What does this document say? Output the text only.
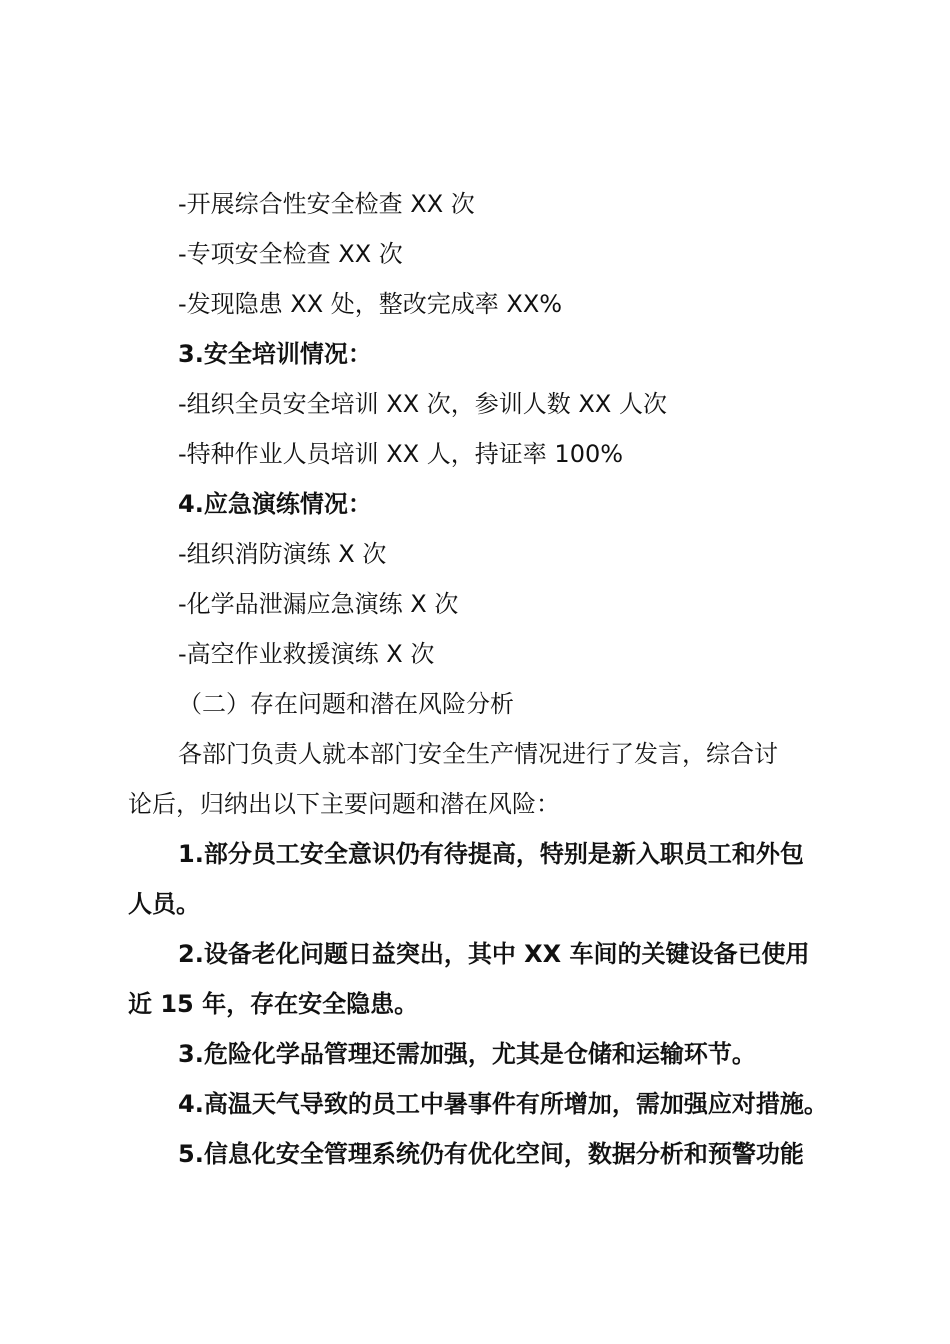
-开展综合性安全检查 XX 次
-专项安全检查 XX 次
-发现隐患 XX 处，整改完成率 XX%
3.安全培训情况：
-组织全员安全培训 XX 次，参训人数 XX 人次
-特种作业人员培训 XX 人，持证率 100%
4.应急演练情况：
-组织消防演练 X 次
-化学品泄漏应急演练 X 次
-高空作业救援演练 X 次
（二）存在问题和潜在风险分析
各部门负责人就本部门安全生产情况进行了发言，综合讨
论后，归纳出以下主要问题和潜在风险：
1.部分员工安全意识仍有待提高，特别是新入职员工和外包
人员。
2.设备老化问题日益突出，其中 XX 车间的关键设备已使用
近 15 年，存在安全隐患。
3.危险化学品管理还需加强，尤其是仓储和运输环节。
4.高温天气导致的员工中暑事件有所增加，需加强应对措施。
5.信息化安全管理系统仍有优化空间，数据分析和预警功能
